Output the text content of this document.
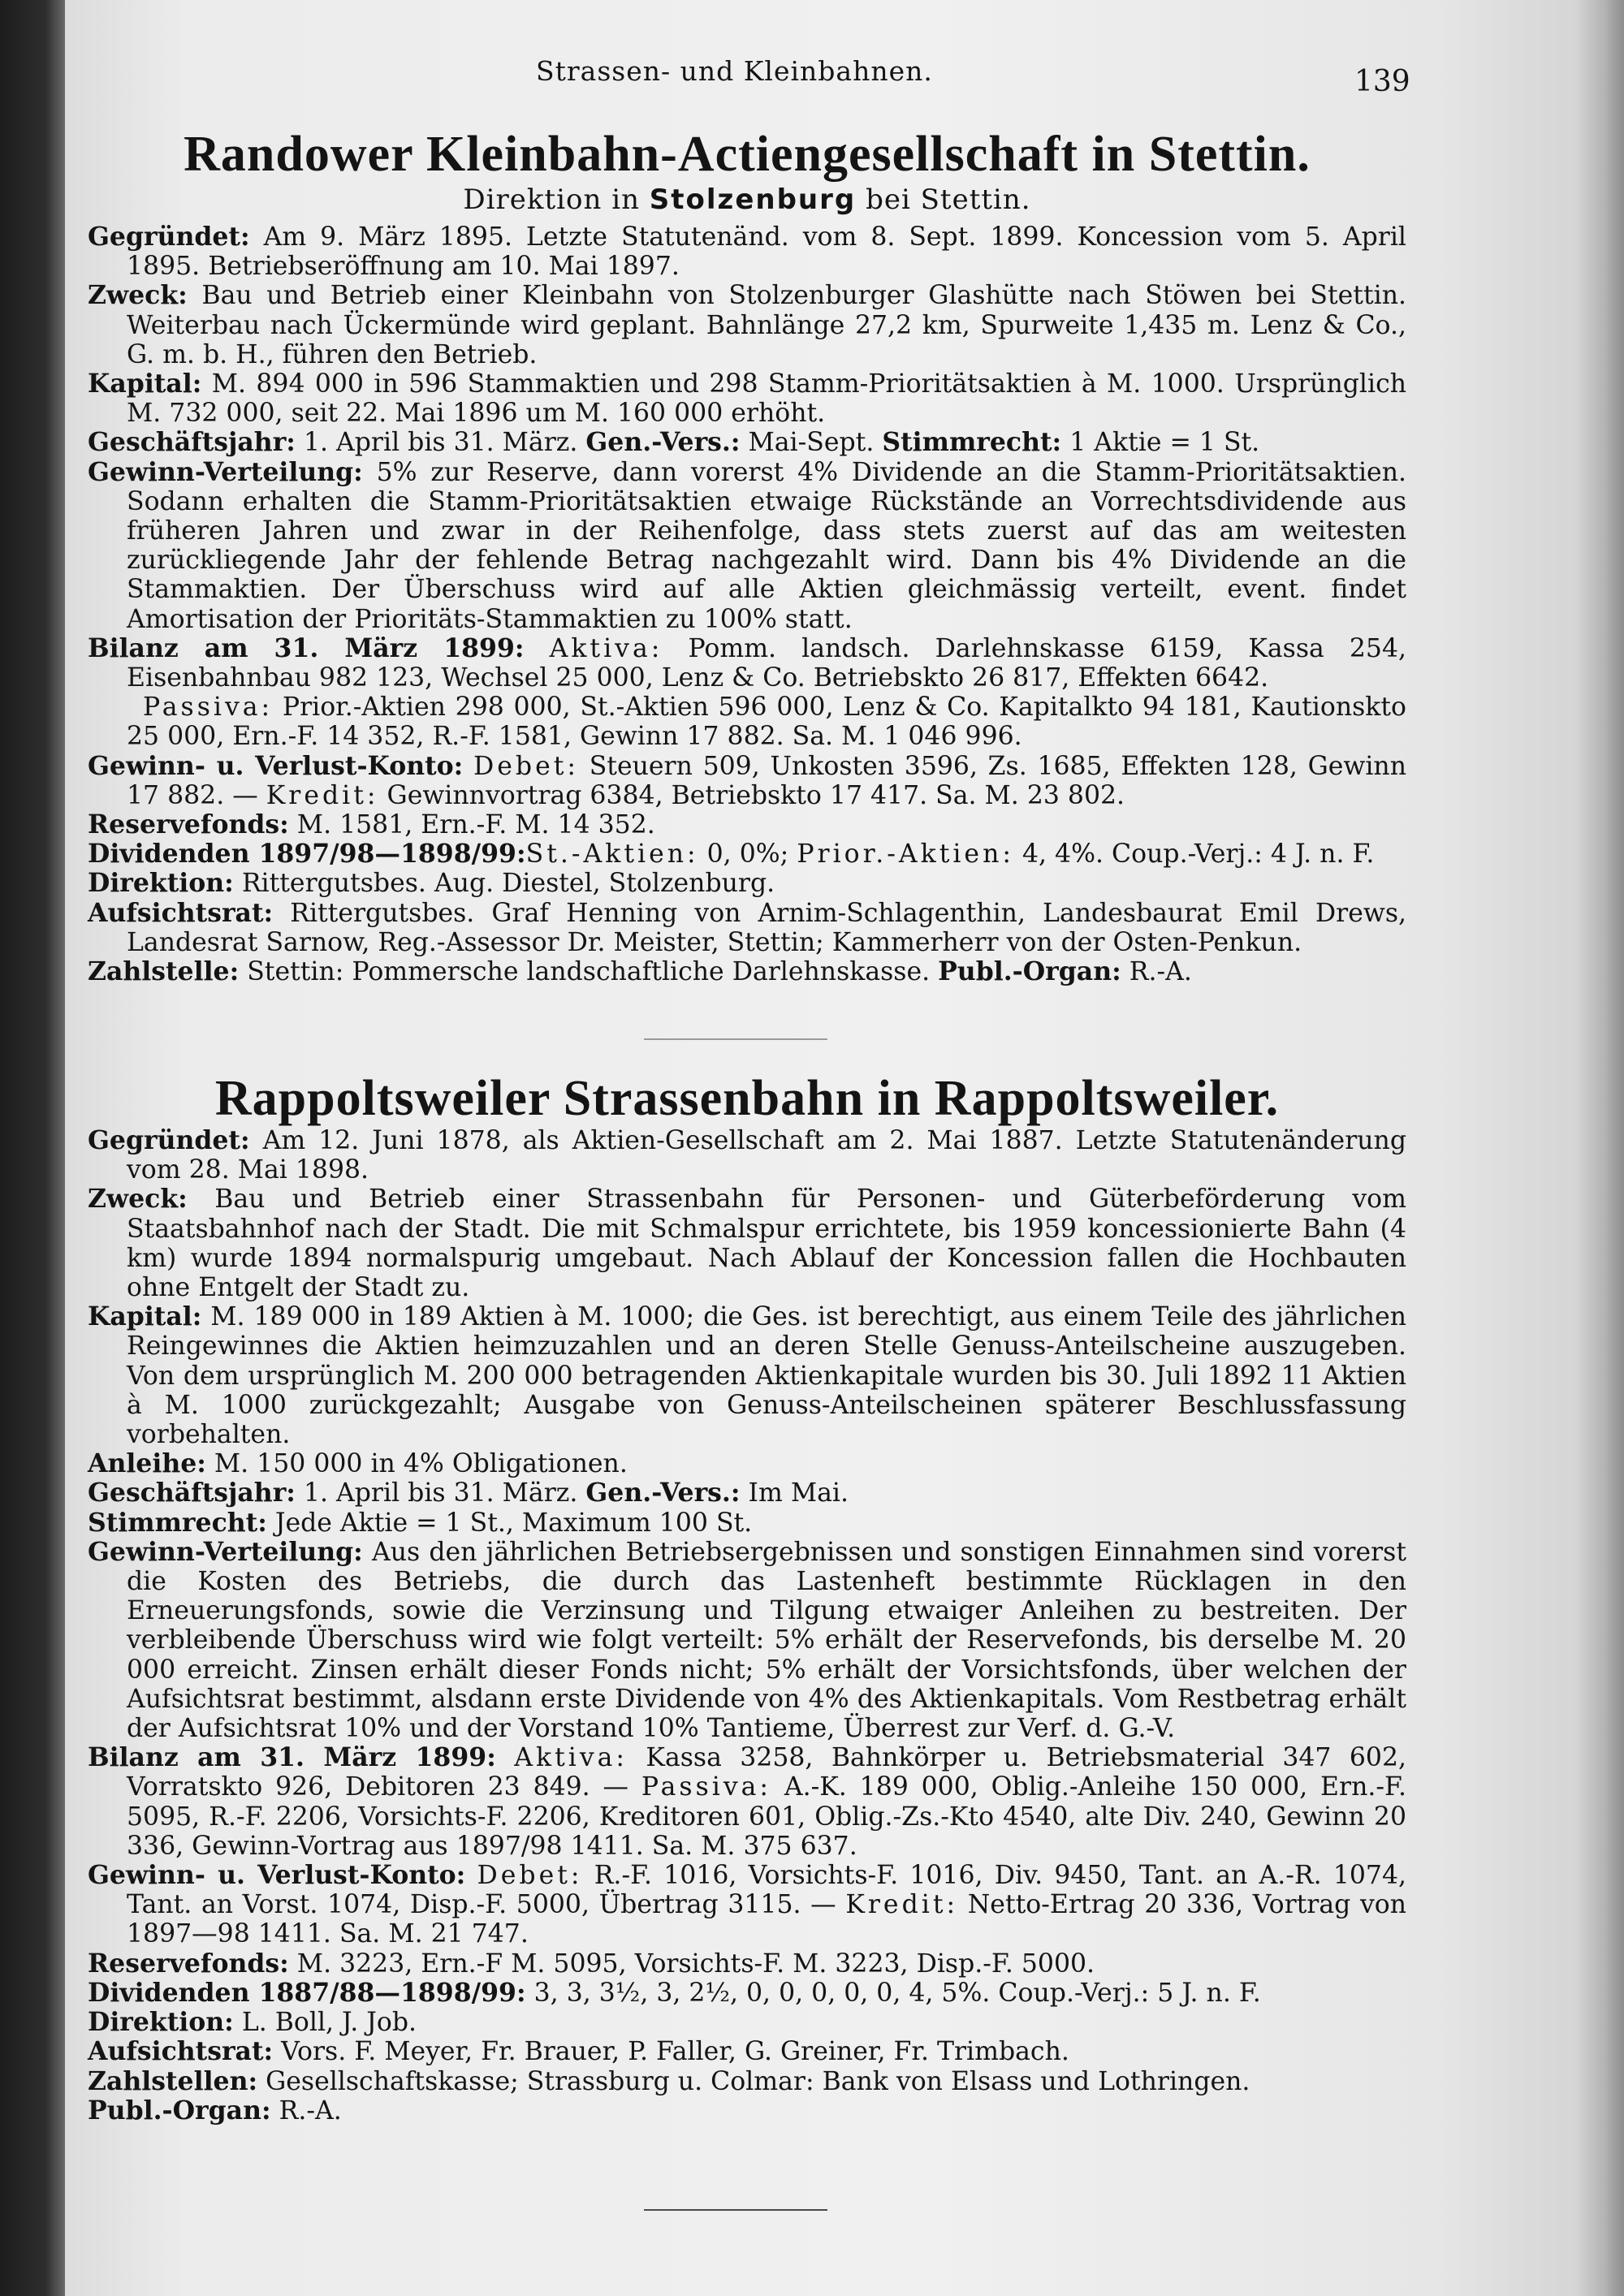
Strassen- und Kleinbahnen.	139
Randower Kleinbahn-Actiengesellschaft in Stettin.
Direktion in Stolzenburg bei Stettin.

Gegründet: Am 9. März 1895. Letzte Statutenänd. vom 8. Sept. 1899. Koncession vom 5. April 1895. Betriebseröffnung am 10. Mai 1897.

Zweck: Bau und Betrieb einer Kleinbahn von Stolzenburger Glashütte nach Stöwen bei Stettin. Weiterbau nach Ückermünde wird geplant. Bahnlänge 27,2 km, Spurweite 1,435 m. Lenz & Co., G. m. b. H., führen den Betrieb.

Kapital: M. 894 000 in 596 Stammaktien und 298 Stamm-Prioritätsaktien à M. 1000. Ursprünglich M. 732 000, seit 22. Mai 1896 um M. 160 000 erhöht.

Geschäftsjahr: 1. April bis 31. März. Gen.-Vers.: Mai-Sept. Stimmrecht: 1 Aktie = 1 St.

Gewinn-Verteilung: 5% zur Reserve, dann vorerst 4% Dividende an die Stamm-Prioritätsaktien. Sodann erhalten die Stamm-Prioritätsaktien etwaige Rückstände an Vorrechtsdividende aus früheren Jahren und zwar in der Reihenfolge, dass stets zuerst auf das am weitesten zurückliegende Jahr der fehlende Betrag nachgezahlt wird. Dann bis 4% Dividende an die Stammaktien. Der Überschuss wird auf alle Aktien gleichmässig verteilt, event. findet Amortisation der Prioritäts-Stammaktien zu 100% statt.

Bilanz am 31. März 1899: Aktiva: Pomm. landsch. Darlehnskasse 6159, Kassa 254, Eisenbahnbau 982 123, Wechsel 25 000, Lenz & Co. Betriebskto 26 817, Effekten 6642.
Passiva: Prior.-Aktien 298 000, St.-Aktien 596 000, Lenz & Co. Kapitalkto 94 181, Kautionskto 25 000, Ern.-F. 14 352, R.-F. 1581, Gewinn 17 882. Sa. M. 1 046 996.

Gewinn- u. Verlust-Konto: Debet: Steuern 509, Unkosten 3596, Zs. 1685, Effekten 128, Gewinn 17 882. — Kredit: Gewinnvortrag 6384, Betriebskto 17 417. Sa. M. 23 802.

Reservefonds: M. 1581, Ern.-F. M. 14 352.

Dividenden 1897/98—1898/99:St.-Aktien: 0, 0%; Prior.-Aktien: 4, 4%. Coup.-Verj.: 4 J. n. F.

Direktion: Rittergutsbes. Aug. Diestel, Stolzenburg.

Aufsichtsrat: Rittergutsbes. Graf Henning von Arnim-Schlagenthin, Landesbaurat Emil Drews, Landesrat Sarnow, Reg.-Assessor Dr. Meister, Stettin; Kammerherr von der Osten-Penkun.

Zahlstelle: Stettin: Pommersche landschaftliche Darlehnskasse. Publ.-Organ: R.-A.

Rappoltsweiler Strassenbahn in Rappoltsweiler.

Gegründet: Am 12. Juni 1878, als Aktien-Gesellschaft am 2. Mai 1887. Letzte Statutenänderung vom 28. Mai 1898.

Zweck: Bau und Betrieb einer Strassenbahn für Personen- und Güterbeförderung vom Staatsbahnhof nach der Stadt. Die mit Schmalspur errichtete, bis 1959 koncessionierte Bahn (4 km) wurde 1894 normalspurig umgebaut. Nach Ablauf der Koncession fallen die Hochbauten ohne Entgelt der Stadt zu.

Kapital: M. 189 000 in 189 Aktien à M. 1000; die Ges. ist berechtigt, aus einem Teile des jährlichen Reingewinnes die Aktien heimzuzahlen und an deren Stelle Genuss-Anteilscheine auszugeben. Von dem ursprünglich M. 200 000 betragenden Aktienkapitale wurden bis 30. Juli 1892 11 Aktien à M. 1000 zurückgezahlt; Ausgabe von Genuss-Anteilscheinen späterer Beschlussfassung vorbehalten.

Anleihe: M. 150 000 in 4% Obligationen.

Geschäftsjahr: 1. April bis 31. März. Gen.-Vers.: Im Mai.

Stimmrecht: Jede Aktie = 1 St., Maximum 100 St.

Gewinn-Verteilung: Aus den jährlichen Betriebsergebnissen und sonstigen Einnahmen sind vorerst die Kosten des Betriebs, die durch das Lastenheft bestimmte Rücklagen in den Erneuerungsfonds, sowie die Verzinsung und Tilgung etwaiger Anleihen zu bestreiten. Der verbleibende Überschuss wird wie folgt verteilt: 5% erhält der Reservefonds, bis derselbe M. 20 000 erreicht. Zinsen erhält dieser Fonds nicht; 5% erhält der Vorsichtsfonds, über welchen der Aufsichtsrat bestimmt, alsdann erste Dividende von 4% des Aktienkapitals. Vom Restbetrag erhält der Aufsichtsrat 10% und der Vorstand 10% Tantieme, Überrest zur Verf. d. G.-V.

Bilanz am 31. März 1899: Aktiva: Kassa 3258, Bahnkörper u. Betriebsmaterial 347 602, Vorratskto 926, Debitoren 23 849. — Passiva: A.-K. 189 000, Oblig.-Anleihe 150 000, Ern.-F. 5095, R.-F. 2206, Vorsichts-F. 2206, Kreditoren 601, Oblig.-Zs.-Kto 4540, alte Div. 240, Gewinn 20 336, Gewinn-Vortrag aus 1897/98 1411. Sa. M. 375 637.

Gewinn- u. Verlust-Konto: Debet: R.-F. 1016, Vorsichts-F. 1016, Div. 9450, Tant. an A.-R. 1074, Tant. an Vorst. 1074, Disp.-F. 5000, Übertrag 3115. — Kredit: Netto-Ertrag 20 336, Vortrag von 1897—98 1411. Sa. M. 21 747.

Reservefonds: M. 3223, Ern.-F M. 5095, Vorsichts-F. M. 3223, Disp.-F. 5000.

Dividenden 1887/88—1898/99: 3, 3, 3½, 3, 2½, 0, 0, 0, 0, 0, 4, 5%. Coup.-Verj.: 5 J. n. F.

Direktion: L. Boll, J. Job.

Aufsichtsrat: Vors. F. Meyer, Fr. Brauer, P. Faller, G. Greiner, Fr. Trimbach.

Zahlstellen: Gesellschaftskasse; Strassburg u. Colmar: Bank von Elsass und Lothringen.

Publ.-Organ: R.-A.
